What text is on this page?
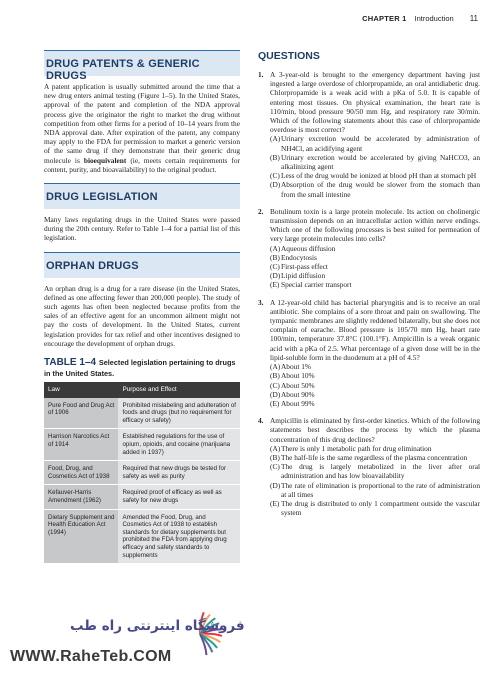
CHAPTER 1 Introduction 11
DRUG PATENTS & GENERIC DRUGS

A patent application is usually submitted around the time that a new drug enters animal testing (Figure 1–5). In the United States, approval of the patent and completion of the NDA approval process give the originator the right to market the drug without competition from other firms for a period of 10–14 years from the NDA approval date. After expiration of the patent, any company may apply to the FDA for permission to market a generic version of the same drug if they demonstrate that their generic drug molecule is bioequivalent (ie, meets certain requirements for content, purity, and bioavailability) to the original product.

DRUG LEGISLATION

Many laws regulating drugs in the United States were passed during the 20th century. Refer to Table 1–4 for a partial list of this legislation.

ORPHAN DRUGS

An orphan drug is a drug for a rare disease (in the United States, defined as one affecting fewer than 200,000 people). The study of such agents has often been neglected because profits from the sales of an effective agent for an uncommon ailment might not pay the costs of development. In the United States, current legislation provides for tax relief and other incentives designed to encourage the development of orphan drugs.

TABLE 1–4 Selected legislation pertaining to drugs
in the United States.
Law	Purpose and Effect
Pure Food and Drug Act of 1906	Prohibited mislabeling and adulteration of foods and drugs (but no requirement for efficacy or safety)
Harrison Narcotics Act of 1914	Established regulations for the use of opium, opioids, and cocaine (marijuana added in 1937)
Food, Drug, and Cosmetics Act of 1938	Required that new drugs be tested for safety as well as purity
Kefauver-Harris Amendment (1962)	Required proof of efficacy as well as safety for new drugs
Dietary Supplement and Health Education Act (1994)	Amended the Food, Drug, and Cosmetics Act of 1938 to establish standards for dietary supplements but prohibited the FDA from applying drug efficacy and safety standards to supplements
QUESTIONS
1. A 3-year-old is brought to the emergency department having just ingested a large overdose of chlorpropamide, an oral antidiabetic drug. Chlorpropamide is a weak acid with a pKa of 5.0. It is capable of entering most tissues. On physical examination, the heart rate is 110/min, blood pressure 90/50 mm Hg, and respiratory rate 30/min. Which of the following statements about this case of chlorpropamide overdose is most correct?
(A) Urinary excretion would be accelerated by administration of NH4Cl, an acidifying agent
(B) Urinary excretion would be accelerated by giving NaHCO3, an alkalinizing agent
(C) Less of the drug would be ionized at blood pH than at stomach pH
(D) Absorption of the drug would be slower from the stomach than from the small intestine
2. Botulinum toxin is a large protein molecule. Its action on cholinergic transmission depends on an intracellular action within nerve endings. Which one of the following processes is best suited for permeation of very large protein molecules into cells?
(A) Aqueous diffusion
(B) Endocytosis
(C) First-pass effect
(D) Lipid diffusion
(E) Special carrier transport
3. A 12-year-old child has bacterial pharyngitis and is to receive an oral antibiotic. She complains of a sore throat and pain on swallowing. The tympanic membranes are slightly reddened bilaterally, but she does not complain of earache. Blood pressure is 105/70 mm Hg, heart rate 100/min, temperature 37.8°C (100.1°F). Ampicillin is a weak organic acid with a pKa of 2.5. What percentage of a given dose will be in the lipid-soluble form in the duodenum at a pH of 4.5?
(A) About 1%
(B) About 10%
(C) About 50%
(D) About 90%
(E) About 99%
4. Ampicillin is eliminated by first-order kinetics. Which of the following statements best describes the process by which the plasma concentration of this drug declines?
(A) There is only 1 metabolic path for drug elimination
(B) The half-life is the same regardless of the plasma concentration
(C) The drug is largely metabolized in the liver after oral administration and has low bioavailability
(D) The rate of elimination is proportional to the rate of administration at all times
(E) The drug is distributed to only 1 compartment outside the vascular system
فروشگاه اینترنتی راه طب
WWW.RaheTeb.COM
